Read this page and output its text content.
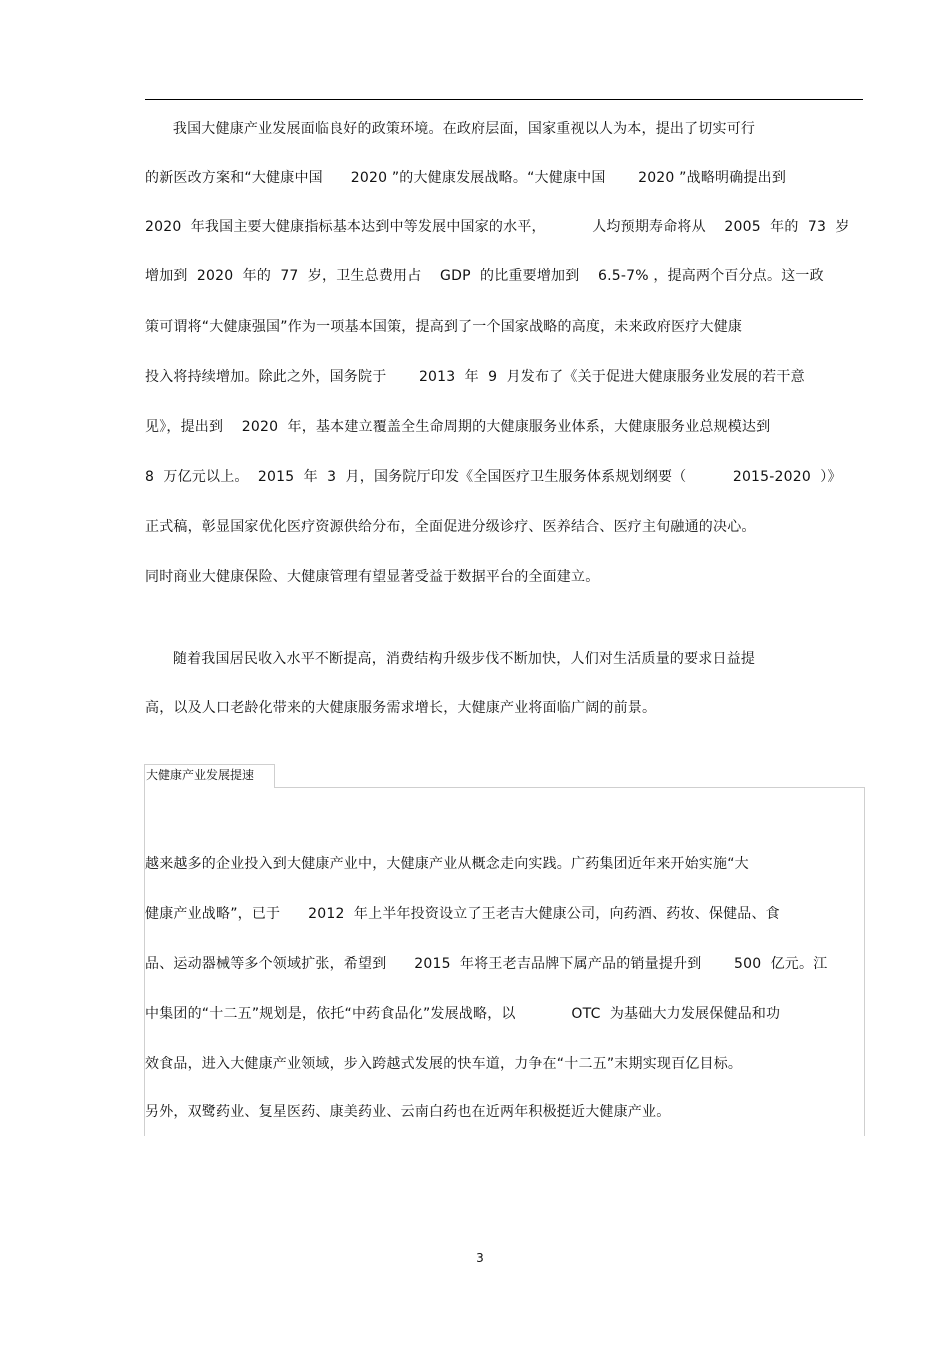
我国大健康产业发展面临良好的政策环境。在政府层面，国家重视以人为本，提出了切实可行
的新医改方案和“大健康中国      2020 ”的大健康发展战略。“大健康中国       2020 ”战略明确提出到
2020  年我国主要大健康指标基本达到中等发展中国家的水平，          人均预期寿命将从    2005  年的  73  岁
增加到  2020  年的  77  岁，卫生总费用占    GDP  的比重要增加到    6.5-7% ，提高两个百分点。这一政
策可谓将“大健康强国”作为一项基本国策，提高到了一个国家战略的高度，未来政府医疗大健康
投入将持续增加。除此之外，国务院于       2013  年  9  月发布了《关于促进大健康服务业发展的若干意
见》，提出到    2020  年，基本建立覆盖全生命周期的大健康服务业体系，大健康服务业总规模达到
8  万亿元以上。  2015  年  3  月，国务院厅印发《全国医疗卫生服务体系规划纲要（          2015-2020  ）》
正式稿，彰显国家优化医疗资源供给分布，全面促进分级诊疗、医养结合、医疗主旬融通的决心。
同时商业大健康保险、大健康管理有望显著受益于数据平台的全面建立。
随着我国居民收入水平不断提高，消费结构升级步伐不断加快，人们对生活质量的要求日益提
高，以及人口老龄化带来的大健康服务需求增长，大健康产业将面临广阔的前景。
大健康产业发展提速
越来越多的企业投入到大健康产业中，大健康产业从概念走向实践。广药集团近年来开始实施“大
健康产业战略”，已于      2012  年上半年投资设立了王老吉大健康公司，向药酒、药妆、保健品、食
品、运动器械等多个领域扩张，希望到      2015  年将王老吉品牌下属产品的销量提升到       500  亿元。江
中集团的“十二五”规划是，依托“中药食品化”发展战略，以            OTC  为基础大力发展保健品和功
效食品，进入大健康产业领域，步入跨越式发展的快车道，力争在“十二五”末期实现百亿目标。
另外，双鹭药业、复星医药、康美药业、云南白药也在近两年积极挺近大健康产业。
3
